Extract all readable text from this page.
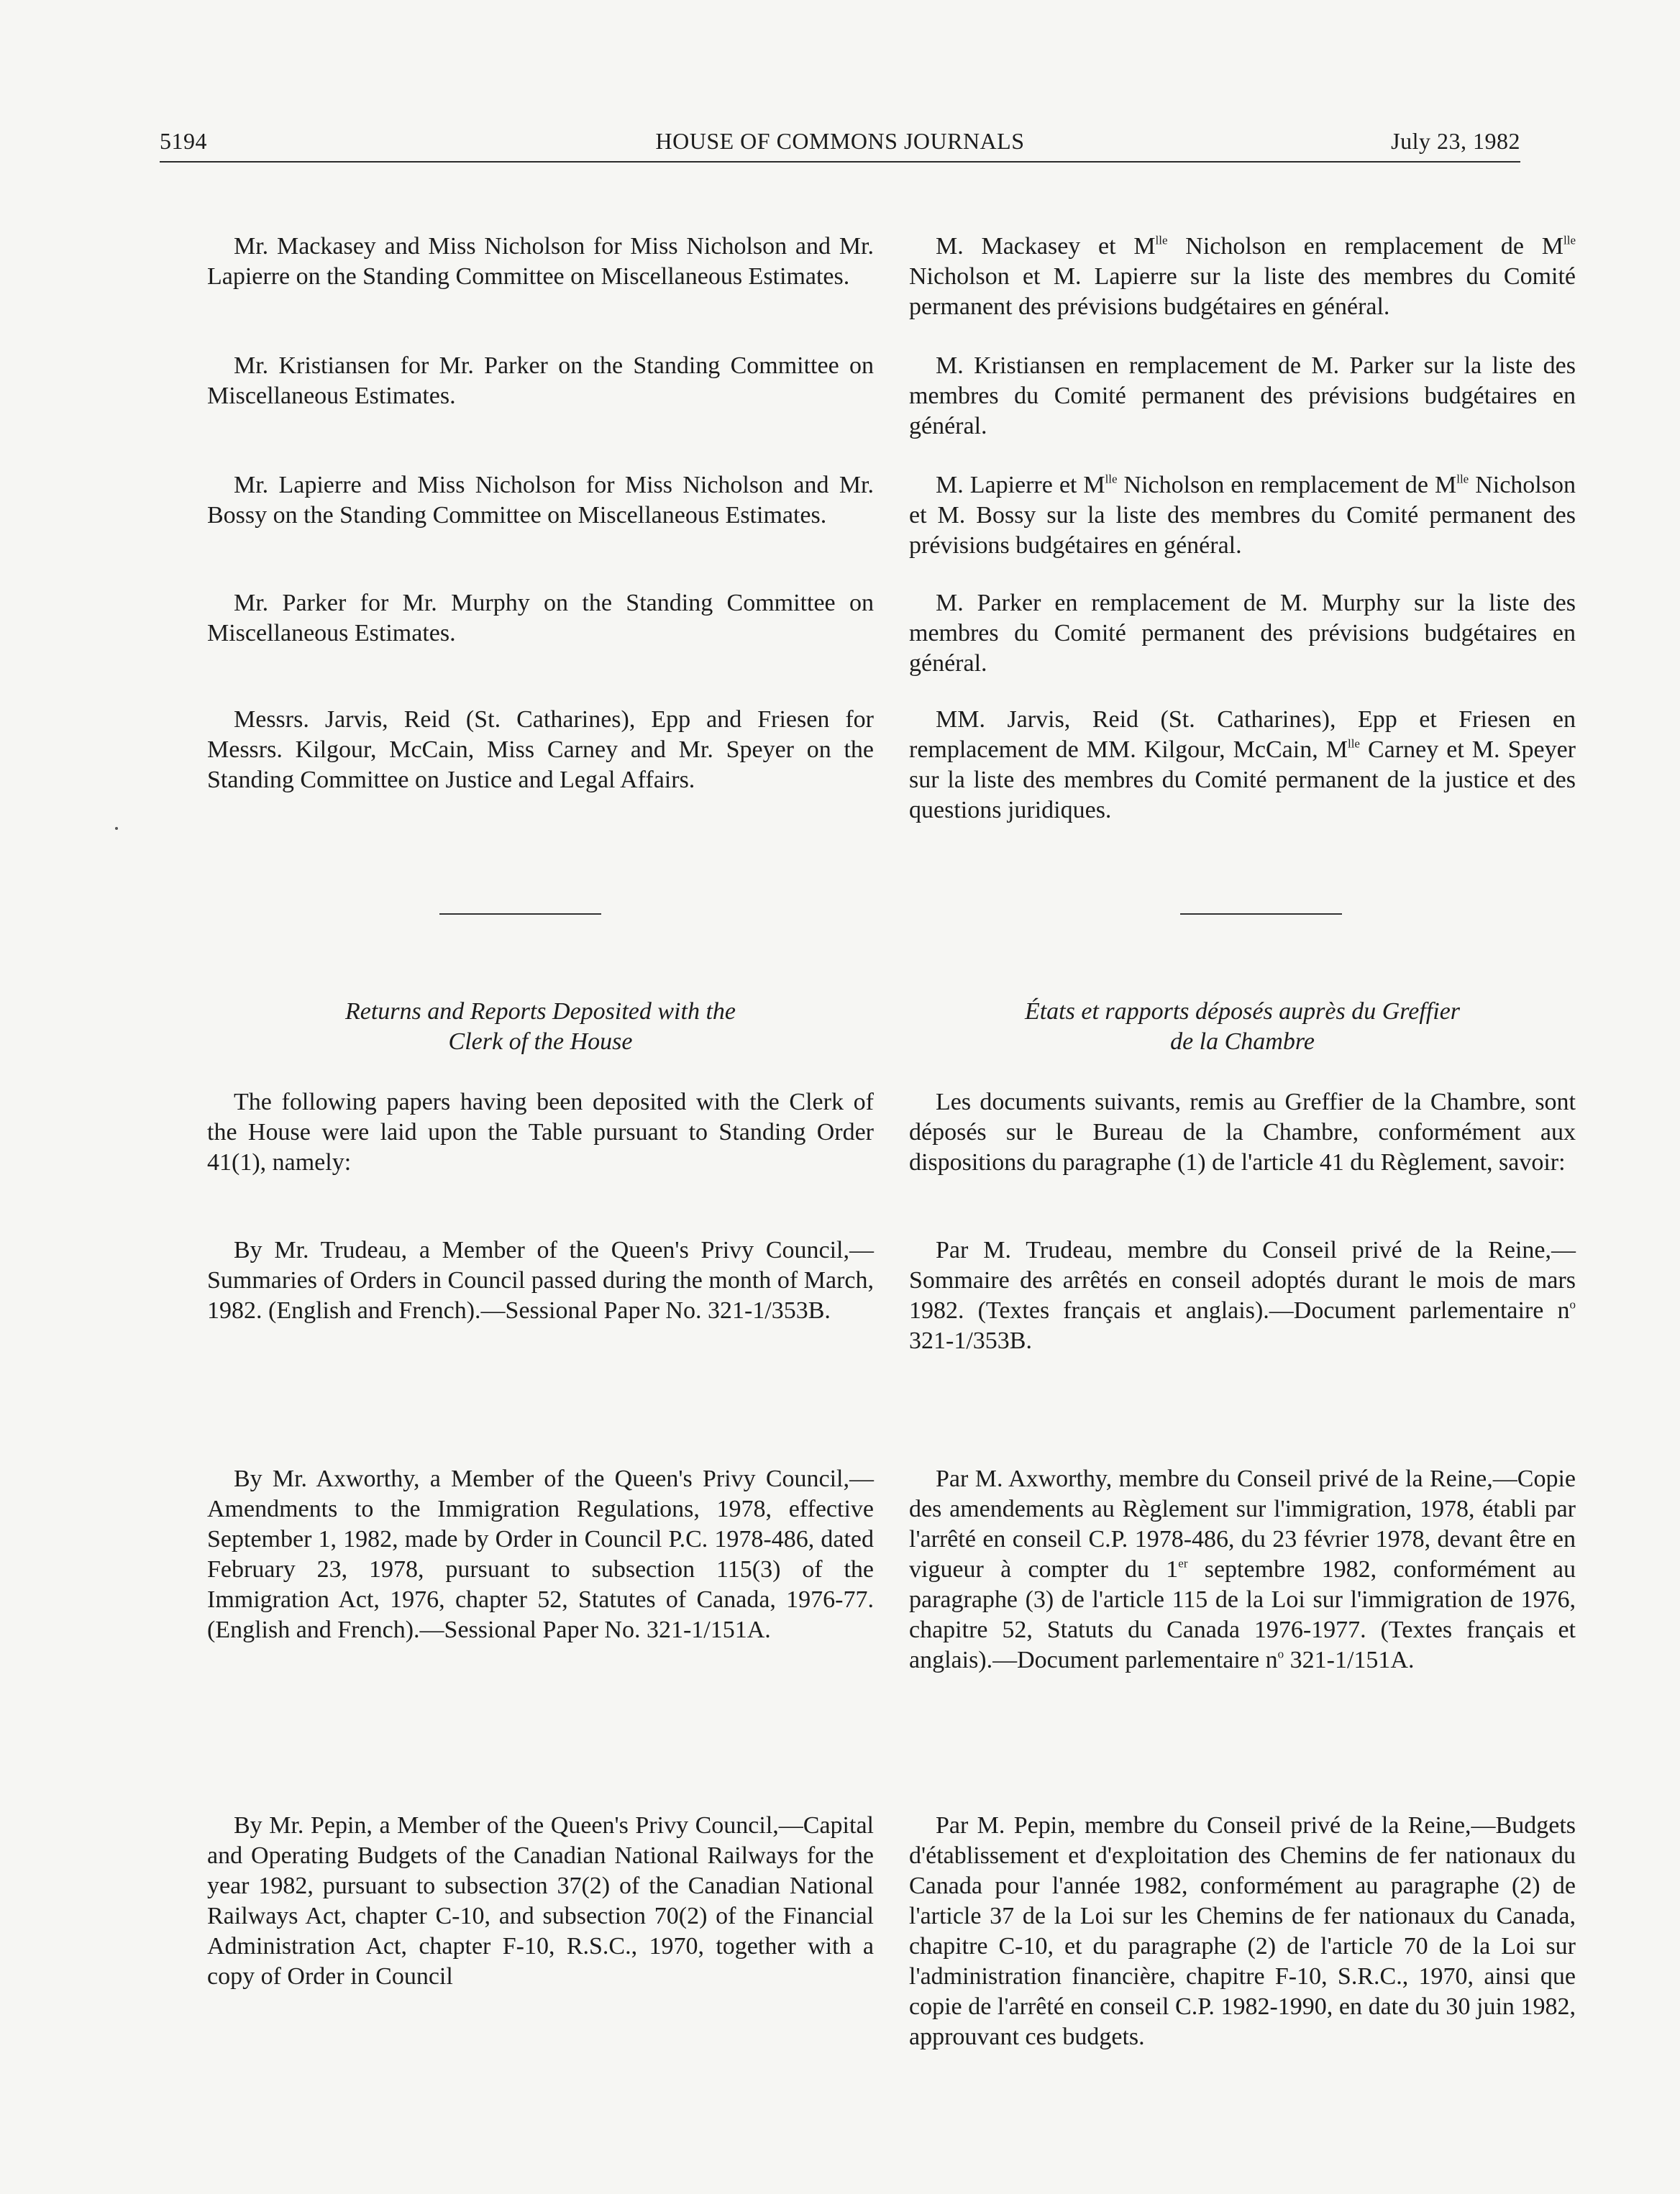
5194	HOUSE OF COMMONS JOURNALS	July 23, 1982

Mr. Mackasey and Miss Nicholson for Miss Nicholson and Mr. Lapierre on the Standing Committee on Miscellaneous Estimates.

Mr. Kristiansen for Mr. Parker on the Standing Committee on Miscellaneous Estimates.

Mr. Lapierre and Miss Nicholson for Miss Nicholson and Mr. Bossy on the Standing Committee on Miscellaneous Estimates.

Mr. Parker for Mr. Murphy on the Standing Committee on Miscellaneous Estimates.

Messrs. Jarvis, Reid (St. Catharines), Epp and Friesen for Messrs. Kilgour, McCain, Miss Carney and Mr. Speyer on the Standing Committee on Justice and Legal Affairs.

Returns and Reports Deposited with the

Clerk of the House

The following papers having been deposited with the Clerk of the House were laid upon the Table pursuant to Standing Order 41(1), namely:

By Mr. Trudeau, a Member of the Queen's Privy Council,—Summaries of Orders in Council passed during the month of March, 1982. (English and French).—Sessional Paper No. 321-1/353B.

By Mr. Axworthy, a Member of the Queen's Privy Council,—Amendments to the Immigration Regulations, 1978, effective September 1, 1982, made by Order in Council P.C. 1978-486, dated February 23, 1978, pursuant to subsection 115(3) of the Immigration Act, 1976, chapter 52, Statutes of Canada, 1976-77. (English and French).—Sessional Paper No. 321-1/151A.

By Mr. Pepin, a Member of the Queen's Privy Council,—Capital and Operating Budgets of the Canadian National Railways for the year 1982, pursuant to subsection 37(2) of the Canadian National Railways Act, chapter C-10, and subsection 70(2) of the Financial Administration Act, chapter F-10, R.S.C., 1970, together with a copy of Order in Council

M. Mackasey et $M^{lle}$ Nicholson en remplacement de $M^{lle}$ Nicholson et M. Lapierre sur la liste des membres du Comité permanent des prévisions budgétaires en général.

M. Kristiansen en remplacement de M. Parker sur la liste des membres du Comité permanent des prévisions budgétaires en général.

M. Lapierre et $M^{lle}$ Nicholson en remplacement de $M^{lle}$ Nicholson et M. Bossy sur la liste des membres du Comité permanent des prévisions budgétaires en général.

M. Parker en remplacement de M. Murphy sur la liste des membres du Comité permanent des prévisions budgétaires en général.

MM. Jarvis, Reid (St. Catharines), Epp et Friesen en remplacement de MM. Kilgour, McCain, $M^{lle}$ Carney et M. Speyer sur la liste des membres du Comité permanent de la justice et des questions juridiques.

États et rapports déposés auprès du Greffier

de la Chambre

Les documents suivants, remis au Greffier de la Chambre, sont déposés sur le Bureau de la Chambre, conformément aux dispositions du paragraphe (1) de l'article 41 du Règlement, savoir:

Par M. Trudeau, membre du Conseil privé de la Reine,—Sommaire des arrêtés en conseil adoptés durant le mois de mars 1982. (Textes français et anglais).—Document parlementaire $n^o$ 321-1/353B.

Par M. Axworthy, membre du Conseil privé de la Reine,—Copie des amendements au Règlement sur l'immigration, 1978, établi par l'arrêté en conseil C.P. 1978-486, du 23 février 1978, devant être en vigueur à compter du 1er septembre 1982, conformément au paragraphe (3) de l'article 115 de la Loi sur l'immigration de 1976, chapitre 52, Statuts du Canada 1976-1977. (Textes français et anglais).—Document parlementaire $n^o$ 321-1/151A.

Par M. Pepin, membre du Conseil privé de la Reine,—Budgets d'établissement et d'exploitation des Chemins de fer nationaux du Canada pour l'année 1982, conformément au paragraphe (2) de l'article 37 de la Loi sur les Chemins de fer nationaux du Canada, chapitre C-10, et du paragraphe (2) de l'article 70 de la Loi sur l'administration financière, chapitre F-10, S.R.C., 1970, ainsi que copie de l'arrêté en conseil C.P. 1982-1990, en date du 30 juin 1982, approuvant ces budgets.
